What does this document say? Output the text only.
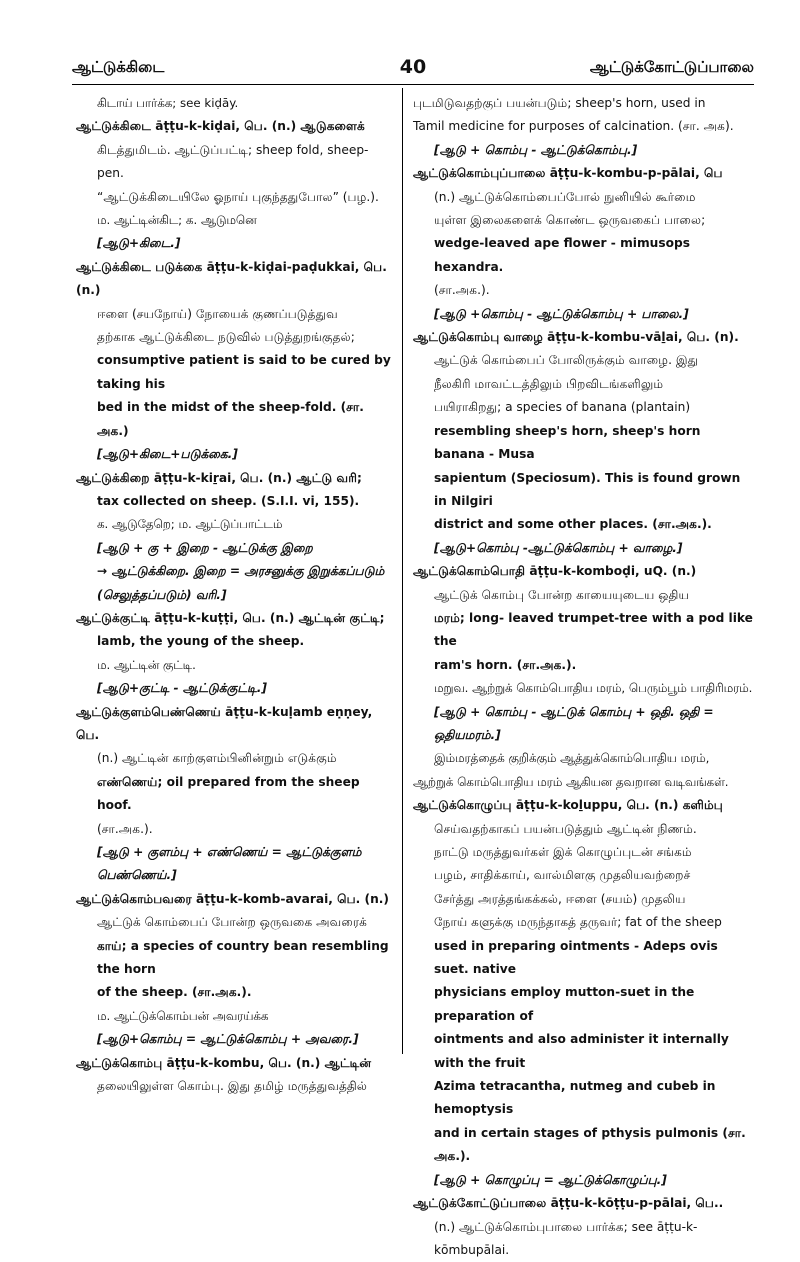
ஆட்டுக்கிடை	40	ஆட்டுக்கோட்டுப்பாலை
கிடாய் பார்க்க; see kiḍāy.
ஆட்டுக்கிடை āṭṭu-k-kiḍai, பெ. (n.) ஆடுகளைக்
கிடத்துமிடம். ஆட்டுப்பட்டி; sheep fold, sheep-pen.
“ஆட்டுக்கிடையிலே ஓநாய் புகுந்ததுபோல” (பழ.).
ம. ஆட்டின்கிட; க. ஆடுமனெ
[ஆடு+கிடை.]
ஆட்டுக்கிடை படுக்கை āṭṭu-k-kiḍai-paḍukkai, பெ. (n.)
ஈளை (சயநோய்) நோயைக் குணப்படுத்துவ
தற்காக ஆட்டுக்கிடை நடுவில் படுத்துறங்குதல்;
consumptive patient is said to be cured by taking his
bed in the midst of the sheep-fold. (சா. அக.)
[ஆடு+கிடை+படுக்கை.]
ஆட்டுக்கிறை āṭṭu-k-kiṟai, பெ. (n.) ஆட்டு வரி;
tax collected on sheep. (S.I.I. vi, 155).
க. ஆடுதேறெ; ம. ஆட்டுப்பாட்டம்
[ஆடு + கு + இறை - ஆட்டுக்கு இறை
→ ஆட்டுக்கிறை. இறை = அரசனுக்கு இறுக்கப்படும்
(செலுத்தப்படும்) வரி.]
ஆட்டுக்குட்டி āṭṭu-k-kuṭṭi, பெ. (n.) ஆட்டின் குட்டி;
lamb, the young of the sheep.
ம. ஆட்டின் குட்டி.
[ஆடு+குட்டி - ஆட்டுக்குட்டி.]
ஆட்டுக்குளம்பெண்ணெய் āṭṭu-k-kuḷamb eṇṇey, பெ.
(n.) ஆட்டின் காற்குளம்பினின்றும் எடுக்கும்
எண்ணெய்; oil prepared from the sheep hoof.
(சா.அக.).
[ஆடு + குளம்பு + எண்ணெய் = ஆட்டுக்குளம்
பெண்ணெய்.]
ஆட்டுக்கொம்பவரை āṭṭu-k-komb-avarai, பெ. (n.)
ஆட்டுக் கொம்பைப் போன்ற ஒருவகை அவரைக்
காய்; a species of country bean resembling the horn
of the sheep. (சா.அக.).
ம. ஆட்டுக்கொம்பன் அவரய்க்க
[ஆடு+கொம்பு = ஆட்டுக்கொம்பு + அவரை.]
ஆட்டுக்கொம்பு āṭṭu-k-kombu, பெ. (n.) ஆட்டின்
தலையிலுள்ள கொம்பு. இது தமிழ் மருத்துவத்தில்
புடமிடுவதற்குப் பயன்படும்; sheep's horn, used in
Tamil medicine for purposes of calcination. (சா. அக).
[ஆடு + கொம்பு - ஆட்டுக்கொம்பு.]
ஆட்டுக்கொம்புப்பாலை āṭṭu-k-kombu-p-pālai, பெ
(n.) ஆட்டுக்கொம்பைப்போல் நுனியில் கூர்மை
யுள்ள இலைகளைக் கொண்ட ஒருவகைப் பாலை;
wedge-leaved ape flower - mimusops hexandra.
(சா.அக.).
[ஆடு +கொம்பு - ஆட்டுக்கொம்பு + பாலை.]
ஆட்டுக்கொம்பு வாழை āṭṭu-k-kombu-vāḻai, பெ. (n).
ஆட்டுக் கொம்பைப் போலிருக்கும் வாழை. இது
நீலகிரி மாவட்டத்திலும் பிறவிடங்களிலும்
பயிராகிறது; a species of banana (plantain)
resembling sheep's horn, sheep's horn banana - Musa
sapientum (Speciosum). This is found grown in Nilgiri
district and some other places. (சா.அக.).
[ஆடு+கொம்பு -ஆட்டுக்கொம்பு + வாழை.]
ஆட்டுக்கொம்பொதி āṭṭu-k-komboḍi, uQ. (n.)
ஆட்டுக் கொம்பு போன்ற காயையுடைய ஒதிய
மரம்; long- leaved trumpet-tree with a pod like the
ram's horn. (சா.அக.).
மறுவ. ஆற்றுக் கொம்பொதிய மரம், பெரும்பூம் பாதிரிமரம்.
[ஆடு + கொம்பு - ஆட்டுக் கொம்பு + ஒதி. ஒதி =
ஒதியமரம்.]
இம்மரத்தைக் குறிக்கும் ஆத்துக்கொம்பொதிய மரம்,
ஆற்றுக் கொம்பொதிய மரம் ஆகியன தவறான வடிவங்கள்.
ஆட்டுக்கொழுப்பு āṭṭu-k-koḻuppu, பெ. (n.) களிம்பு
செய்வதற்காகப் பயன்படுத்தும் ஆட்டின் நிணம்.
நாட்டு மருத்துவர்கள் இக் கொழுப்புடன் சங்கம்
பழம், சாதிக்காய், வால்மிளகு முதலியவற்றைச்
சேர்த்து அரத்தங்கக்கல், ஈளை (சயம்) முதலிய
நோய் களுக்கு மருந்தாகத் தருவர்; fat of the sheep
used in preparing ointments - Adeps ovis suet. native
physicians employ mutton-suet in the preparation of
ointments and also administer it internally with the fruit
Azima tetracantha, nutmeg and cubeb in hemoptysis
and in certain stages of pthysis pulmonis (சா. அக.).
[ஆடு + கொழுப்பு = ஆட்டுக்கொழுப்பு.]
ஆட்டுக்கோட்டுப்பாலை āṭṭu-k-kōṭṭu-p-pālai, பெ..
(n.) ஆட்டுக்கொம்புபாலை பார்க்க; see āṭṭu-k-
kōmbupālai.
